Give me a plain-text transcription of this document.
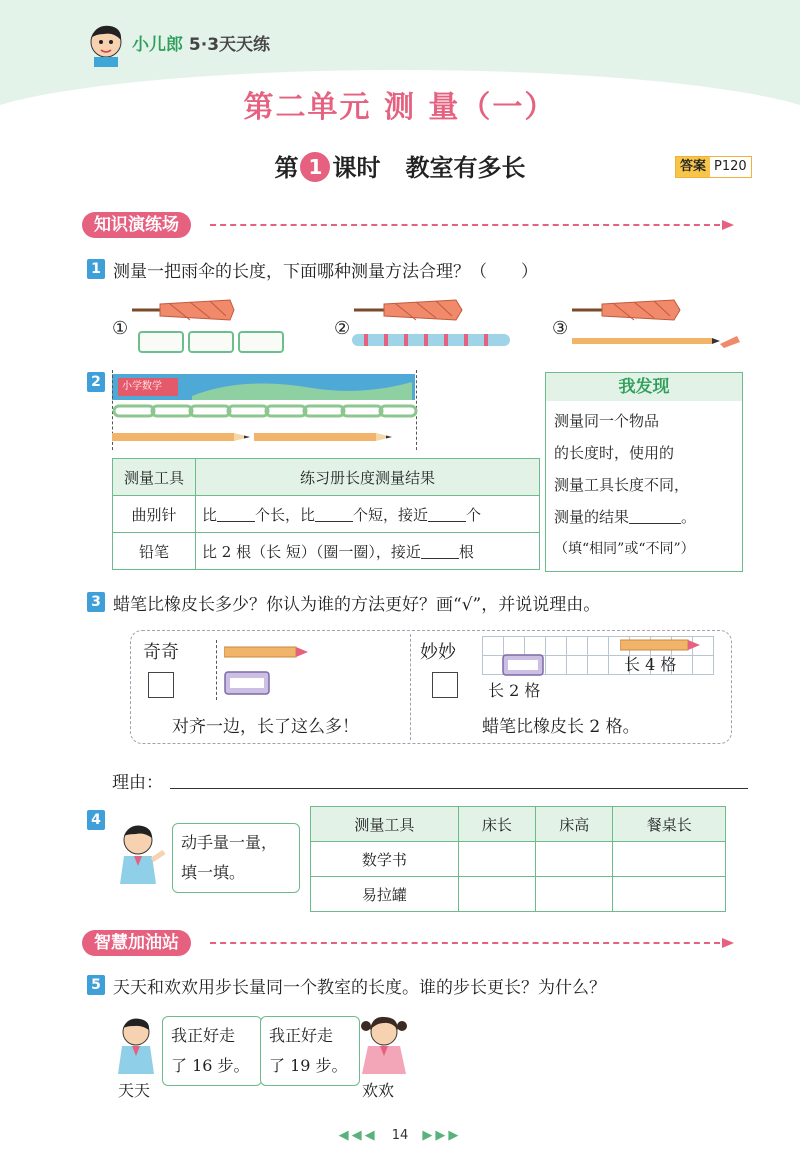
小儿郎 5·3天天练
第二单元 测 量（一）
第 1 课时   教室有多长	答案 P120
知识演练场
1 测量一把雨伞的长度，下面哪种测量方法合理？（　　）
①	②	③
2	小学数学
测量工具	练习册长度测量结果
曲别针	比 个长，比 个短，接近 个
铅笔	比 2 根（长 短）（圈一圈），接近 根
我发现
测量同一个物品
的长度时，使用的
测量工具长度不同，
测量的结果	。
（填“相同”或“不同”）
3 蜡笔比橡皮长多少？你认为谁的方法更好？画“√”，并说说理由。
奇奇
对齐一边，长了这么多！
妙妙

长 4 格
长 2 格
蜡笔比橡皮长 2 格。
理由：
4
动手量一量，
填一填。
测量工具	床长	床高	餐桌长
数学书			
易拉罐			
智慧加油站
5 天天和欢欢用步长量同一个教室的长度。谁的步长更长？为什么？
我正好走
了 16 步。
我正好走
了 19 步。
天天	欢欢
◀◀◀ 14 ▶▶▶
